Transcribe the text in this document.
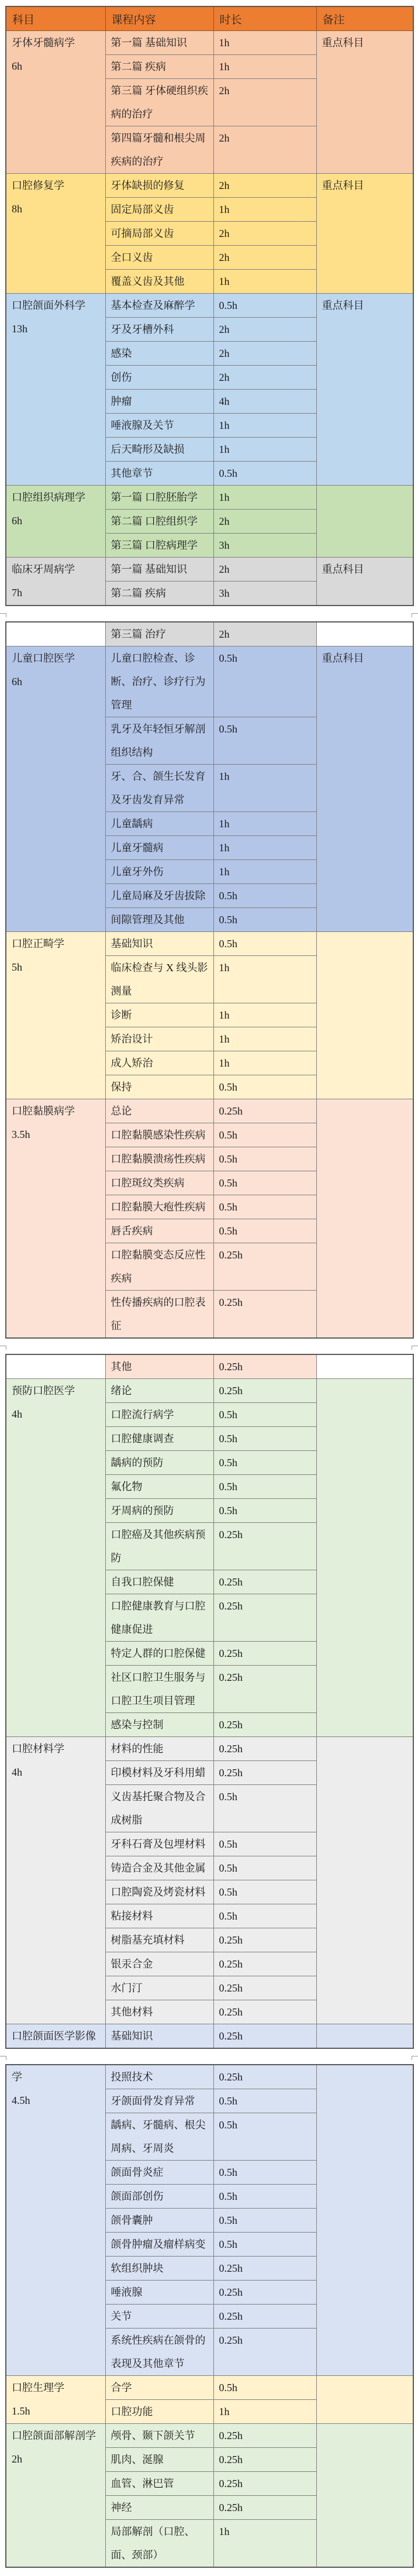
科目	课程内容	时长	备注

牙体牙髓病学
6h	第一篇 基础知识	1h	重点科目
	第二篇 疾病	1h	
	第三篇 牙体硬组织疾病的治疗	2h	
	第四篇牙髓和根尖周疾病的治疗	2h	

口腔修复学
8h	牙体缺损的修复	2h	重点科目
	固定局部义齿	1h	
	可摘局部义齿	2h	
	全口义齿	2h	
	覆盖义齿及其他	1h	

口腔颌面外科学
13h	基本检查及麻醉学	0.5h	重点科目
	牙及牙槽外科	2h	
	感染	2h	
	创伤	2h	
	肿瘤	4h	
	唾液腺及关节	1h	
	后天畸形及缺损	1h	
	其他章节	0.5h	

口腔组织病理学
6h	第一篇 口腔胚胎学	1h	
	第二篇 口腔组织学	2h	
	第三篇 口腔病理学	3h	

临床牙周病学
7h	第一篇 基础知识	2h	重点科目
	第二篇 疾病	3h	
	第三篇 治疗	2h	

儿童口腔医学
6h	儿童口腔检查、诊断、治疗、诊疗行为管理	0.5h	重点科目
	乳牙及年轻恒牙解剖组织结构	0.5h	
	牙、合、颌生长发育及牙齿发育异常	1h	
	儿童龋病	1h	
	儿童牙髓病	1h	
	儿童牙外伤	1h	
	儿童局麻及牙齿拔除	0.5h	
	间隙管理及其他	0.5h	

口腔正畸学
5h	基础知识	0.5h	
	临床检查与 X 线头影测量	1h	
	诊断	1h	
	矫治设计	1h	
	成人矫治	1h	
	保持	0.5h	

口腔黏膜病学
3.5h	总论	0.25h	
	口腔黏膜感染性疾病	0.5h	
	口腔黏膜溃疡性疾病	0.5h	
	口腔斑纹类疾病	0.5h	
	口腔黏膜大疱性疾病	0.5h	
	唇舌疾病	0.5h	
	口腔黏膜变态反应性疾病	0.25h	
	性传播疾病的口腔表征	0.25h	
	其他	0.25h	

预防口腔医学
4h	绪论	0.25h	
	口腔流行病学	0.5h	
	口腔健康调查	0.5h	
	龋病的预防	0.5h	
	氟化物	0.5h	
	牙周病的预防	0.5h	
	口腔癌及其他疾病预防	0.25h	
	自我口腔保健	0.25h	
	口腔健康教育与口腔健康促进	0.25h	
	特定人群的口腔保健	0.25h	
	社区口腔卫生服务与口腔卫生项目管理	0.25h	
	感染与控制	0.25h	

口腔材料学
4h	材料的性能	0.25h	
	印模材料及牙科用蜡	0.25h	
	义齿基托聚合物及合成树脂	0.5h	
	牙科石膏及包埋材料	0.5h	
	铸造合金及其他金属	0.5h	
	口腔陶瓷及烤瓷材料	0.5h	
	粘接材料	0.5h	
	树脂基充填材料	0.25h	
	银汞合金	0.25h	
	水门汀	0.25h	
	其他材料	0.25h	

口腔颌面医学影像	基础知识	0.25h	
学
4.5h	投照技术	0.25h	
	牙颌面骨发育异常	0.5h	
	龋病、牙髓病、根尖周病、牙周炎	0.5h	
	颌面骨炎症	0.5h	
	颌面部创伤	0.5h	
	颌骨囊肿	0.5h	
	颌骨肿瘤及瘤样病变	0.5h	
	软组织肿块	0.25h	
	唾液腺	0.25h	
	关节	0.25h	
	系统性疾病在颌骨的表现及其他章节	0.25h	

口腔生理学
1.5h	合学	0.5h	
	口腔功能	1h	

口腔颌面部解剖学
2h	颅骨、颞下颌关节	0.25h	
	肌肉、涎腺	0.25h	
	血管、淋巴管	0.25h	
	神经	0.25h	
	局部解剖（口腔、面、颈部）	1h	
